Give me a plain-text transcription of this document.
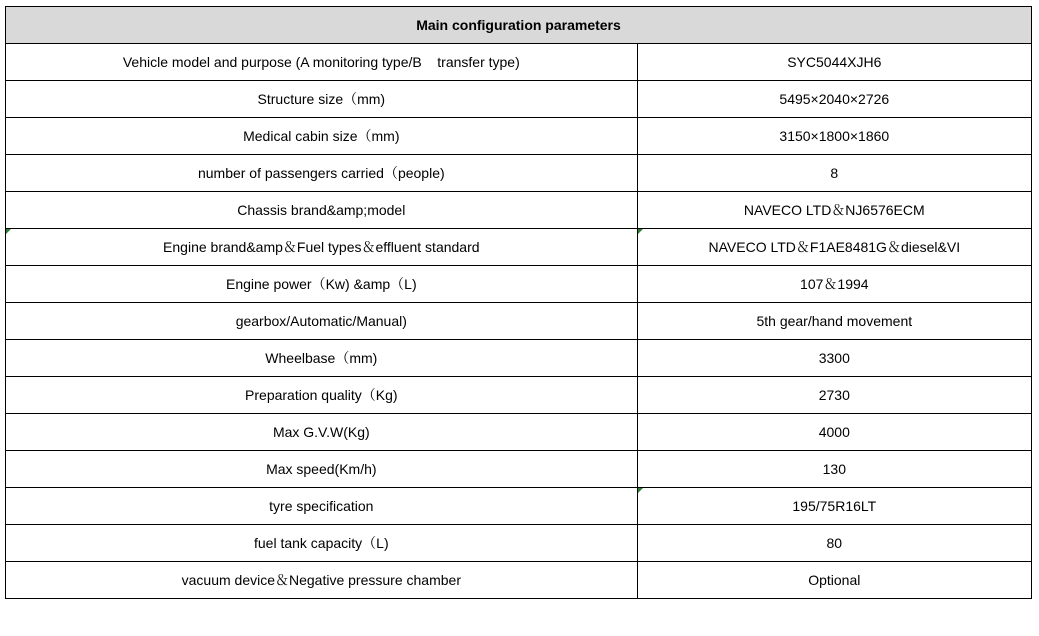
Main configuration parameters	
Vehicle model and purpose (A monitoring type/B    transfer type)	SYC5044XJH6
Structure size（mm)	5495×2040×2726
Medical cabin size（mm)	3150×1800×1860
number of passengers carried（people)	8
Chassis brand&amp;model	NAVECO LTD＆NJ6576ECM
Engine brand&amp＆Fuel types＆effluent standard	NAVECO LTD＆F1AE8481G＆diesel&VI
Engine power（Kw) &amp（L)	107＆1994
gearbox/Automatic/Manual)	5th gear/hand movement
Wheelbase（mm)	3300
Preparation quality（Kg)	2730
Max G.V.W(Kg)	4000
Max speed(Km/h)	130
tyre specification	195/75R16LT
fuel tank capacity（L)	80
vacuum device＆Negative pressure chamber	Optional
